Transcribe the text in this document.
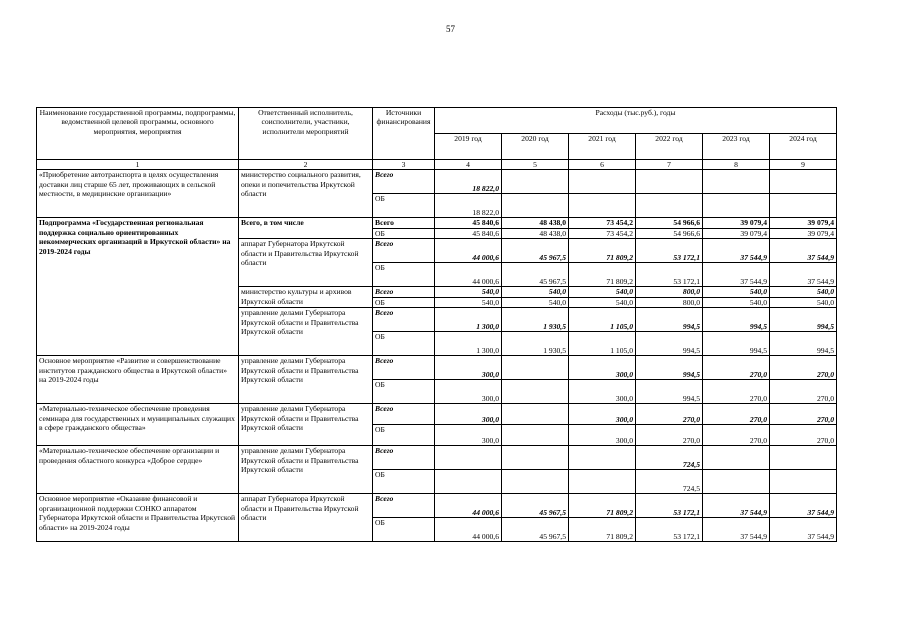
57
Наименование государственной программы, подпрограммы, ведомственной целевой программы, основного мероприятия, мероприятия	Ответственный исполнитель, соисполнители, участники, исполнители мероприятий	Источники финансирования	Расходы (тыс.руб.), годы					
			2019 год	2020 год	2021 год	2022 год	2023 год	2024 год
1	2	3	4	5	6	7	8	9
«Приобретение автотранспорта в целях осуществления доставки лиц старше 65 лет, проживающих в сельской местности, в медицинские организации»	министерство социального развития, опеки и попечительства Иркутской области	Всего	18 822,0					
		ОБ	18 822,0					
Подпрограмма «Государственная региональная поддержка социально ориентированных некоммерческих организаций в Иркутской области» на 2019-2024 годы	Всего, в том числе	Всего	45 840,6	48 438,0	73 454,2	54 966,6	39 079,4	39 079,4
		ОБ	45 840,6	48 438,0	73 454,2	54 966,6	39 079,4	39 079,4
	аппарат Губернатора Иркутской области и Правительства Иркутской области	Всего	44 000,6	45 967,5	71 809,2	53 172,1	37 544,9	37 544,9
		ОБ	44 000,6	45 967,5	71 809,2	53 172,1	37 544,9	37 544,9
	министерство культуры и архивов Иркутской области	Всего	540,0	540,0	540,0	800,0	540,0	540,0
		ОБ	540,0	540,0	540,0	800,0	540,0	540,0
	управление делами Губернатора Иркутской области и Правительства Иркутской области	Всего	1 300,0	1 930,5	1 105,0	994,5	994,5	994,5
		ОБ	1 300,0	1 930,5	1 105,0	994,5	994,5	994,5
Основное мероприятие «Развитие и совершенствование институтов гражданского общества в Иркутской области» на 2019-2024 годы	управление делами Губернатора Иркутской области и Правительства Иркутской области	Всего	300,0		300,0	994,5	270,0	270,0
		ОБ	300,0		300,0	994,5	270,0	270,0
«Материально-техническое обеспечение проведения семинара для государственных и муниципальных служащих в сфере гражданского общества»	управление делами Губернатора Иркутской области и Правительства Иркутской области	Всего	300,0		300,0	270,0	270,0	270,0
		ОБ	300,0		300,0	270,0	270,0	270,0
«Материально-техническое обеспечение организации и проведения областного конкурса «Доброе сердце»	управление делами Губернатора Иркутской области и Правительства Иркутской области	Всего				724,5		
		ОБ				724,5		
Основное мероприятие «Оказание финансовой и организационной поддержки СОНКО аппаратом Губернатора Иркутской области и Правительства Иркутской области» на 2019-2024 годы	аппарат Губернатора Иркутской области и Правительства Иркутской области	Всего	44 000,6	45 967,5	71 809,2	53 172,1	37 544,9	37 544,9
		ОБ	44 000,6	45 967,5	71 809,2	53 172,1	37 544,9	37 544,9
